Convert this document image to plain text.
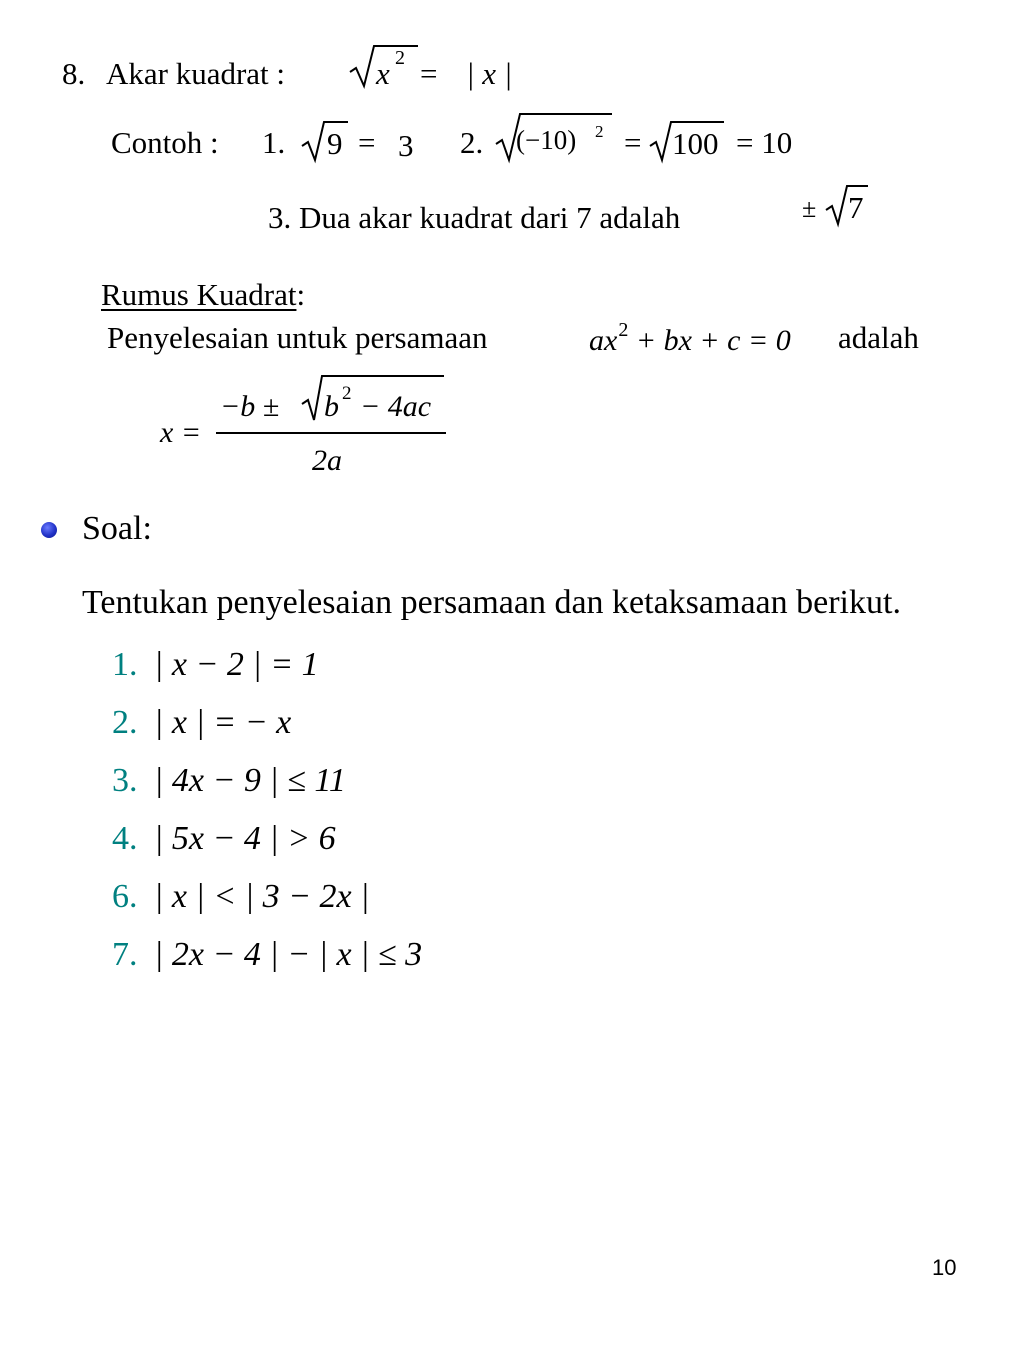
8. Akar kuadrat :	x 2 = | x |
Contoh : 1. 9 = 3 2. (−10) 2 = 100 = 10
3. Dua akar kuadrat dari 7 adalah	± 7
Rumus Kuadrat:
Penyelesaian untuk persamaan	$ax^2$ + bx + c = 0 adalah
x =
−b ± b 2 − 4ac
2a
Soal:
Tentukan penyelesaian persamaan dan ketaksamaan berikut.
1. | x − 2 | = 1
2. | x | = − x
3. | 4x − 9 | ≤ 11
4. | 5x − 4 | > 6
6. | x | < | 3 − 2x |
7. | 2x − 4 | − | x | ≤ 3
10
